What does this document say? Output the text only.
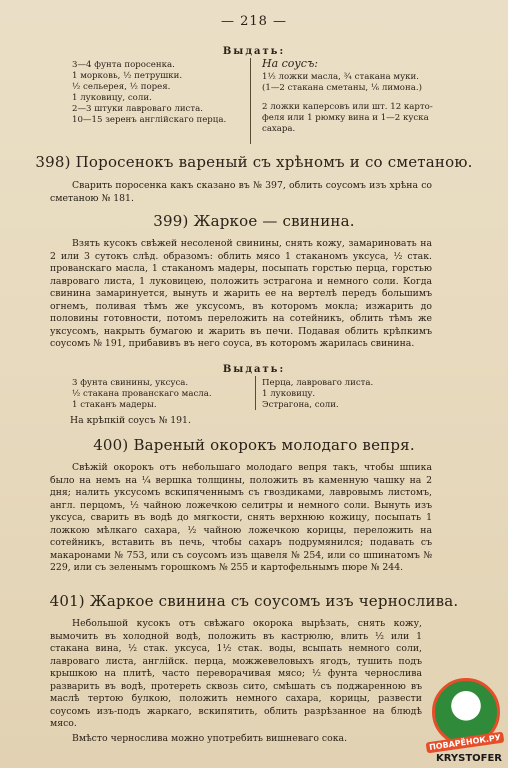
— 218 —
Выдать:
3—4 фунта поросенка.
1 морковь, ½ петрушки.
½ сельерея, ½ порея.
1 луковицу, соли.
2—3 штуки лавроваго листа.
10—15 зеренъ англiйскаго перца.
На соусъ:
1½ ложки масла, ¾ стакана муки.
(1—2 стакана сметаны, ⅙ лимона.)
2 ложки каперсовъ или шт. 12 карто-
феля или 1 рюмку вина и 1—2 куска
сахара.
398) Поросенокъ вареный съ хрѣномъ и со сметаною.

Сварить поросенка какъ сказано въ № 397, облить соусомъ изъ хрѣна со сметаною № 181.

399) Жаркое — свинина.

Взять кусокъ свѣжей несоленой свинины, снять кожу, замариновать на 2 или 3 сутокъ слѣд. образомъ: облить мясо 1 стаканомъ уксуса, ½ стак. прованскаго масла, 1 стаканомъ мадеры, посыпать горстью перца, горстью лавроваго листа, 1 луковицею, положить эстрагона и немного соли. Когда свинина замаринуется, вынуть и жарить ее на вертелѣ передъ большимъ огнемъ, поливая тѣмъ же уксусомъ, въ которомъ мокла; изжарить до половины готовности, потомъ переложить на сотейникъ, облить тѣмъ же уксусомъ, накрыть бумагою и жарить въ печи. Подавая облить крѣпкимъ соусомъ № 191, прибавивъ въ него соуса, въ которомъ жарилась свинина.

Выдать:
3 фунта свинины, уксуса.
½ стакана прованскаго масла.
1 стаканъ мадеры.
Перца, лавроваго листа.
1 луковицу.
Эстрагона, соли.
На крѣпкiй соусъ № 191.
400) Вареный окорокъ молодаго вепря.

Свѣжiй окорокъ отъ небольшаго молодаго вепря такъ, чтобы шпика было на немъ на ¼ вершка толщины, положить въ каменную чашку на 2 дня; налить уксусомъ вскипяченнымъ съ гвоздиками, лавровымъ листомъ, англ. перцомъ, ½ чайною ложечкою селитры и немного соли. Вынуть изъ уксуса, сварить въ водѣ до мягкости, снять верхнюю кожицу, посыпать 1 ложкою мѣлкаго сахара, ½ чайною ложечкою корицы, переложить на сотейникъ, вставить въ печь, чтобы сахаръ подрумянился; подавать съ макаронами № 753, или съ соусомъ изъ щавеля № 254, или со шпинатомъ № 229, или съ зеленымъ горошкомъ № 255 и картофельнымъ пюре № 244.

401) Жаркое свинина съ соусомъ изъ чернослива.

Небольшой кусокъ отъ свѣжаго окорока вырѣзать, снять кожу, вымочить въ холодной водѣ, положить въ кастрюлю, влить ½ или 1 стакана вина, ½ стак. уксуса, 1½ стак. воды, всыпать немного соли, лавроваго листа, англiйск. перца, можжевеловыхъ ягодъ, тушить подъ крышкою на плитѣ, часто переворачивая мясо; ½ фунта чернослива разварить въ водѣ, протереть сквозь сито, смѣшать съ поджаренною въ маслѣ тертою булкою, положить немного сахара, корицы, развести соусомъ изъ-подъ жаркаго, вскипятить, облить разрѣзанное на блюдѣ мясо.

Вмѣсто чернослива можно употребить вишневаго сока.	ПОВАРЁНОК.РУ
KRYSTOFER
